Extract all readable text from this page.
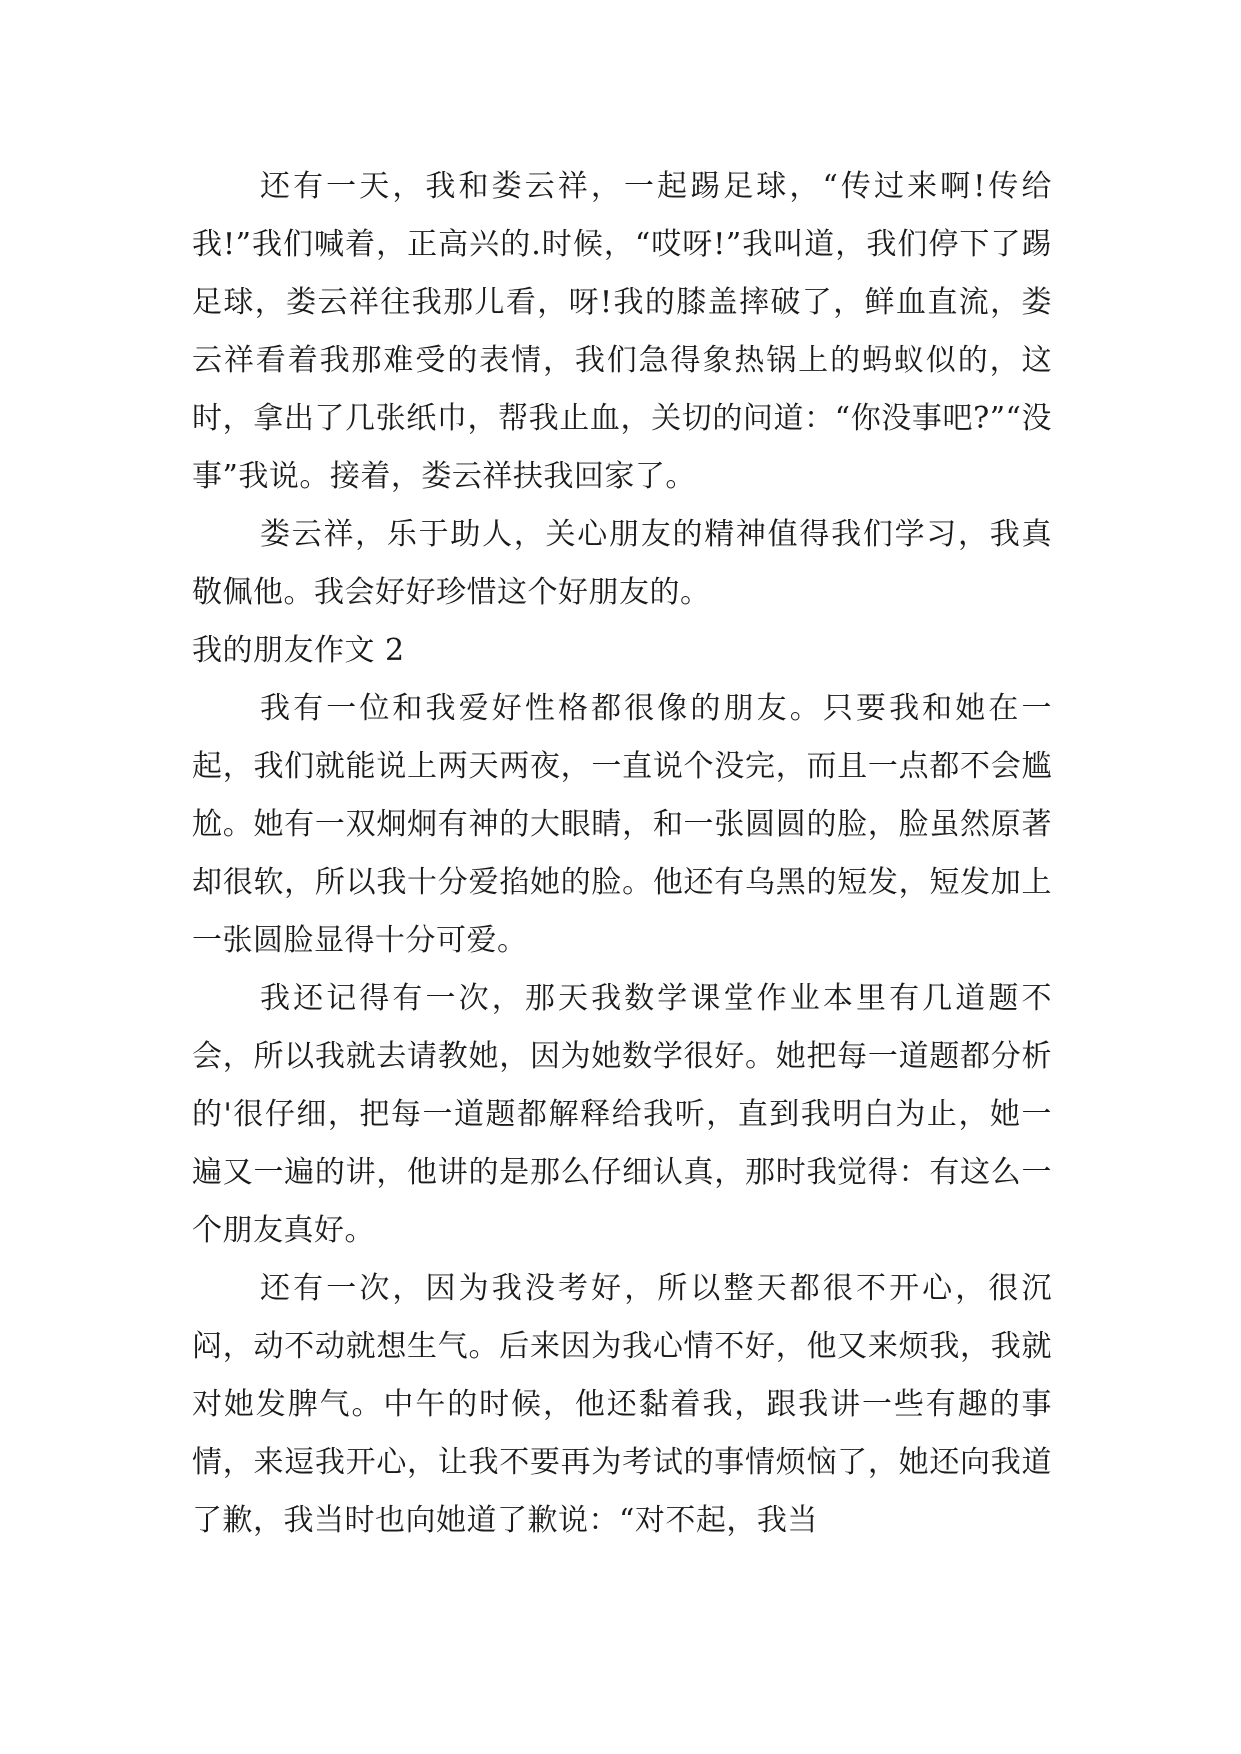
还有一天，我和娄云祥，一起踢足球，“传过来啊!传给我!”我们喊着，正高兴的.时候，“哎呀!”我叫道，我们停下了踢足球，娄云祥往我那儿看，呀!我的膝盖摔破了，鲜血直流，娄云祥看着我那难受的表情，我们急得象热锅上的蚂蚁似的，这时，拿出了几张纸巾，帮我止血，关切的问道：“你没事吧?”“没事”我说。接着，娄云祥扶我回家了。

娄云祥，乐于助人，关心朋友的精神值得我们学习，我真敬佩他。我会好好珍惜这个好朋友的。

我的朋友作文 2

我有一位和我爱好性格都很像的朋友。只要我和她在一起，我们就能说上两天两夜，一直说个没完，而且一点都不会尴尬。她有一双炯炯有神的大眼睛，和一张圆圆的脸，脸虽然原著却很软，所以我十分爱掐她的脸。他还有乌黑的短发，短发加上一张圆脸显得十分可爱。

我还记得有一次，那天我数学课堂作业本里有几道题不会，所以我就去请教她，因为她数学很好。她把每一道题都分析的'很仔细，把每一道题都解释给我听，直到我明白为止，她一遍又一遍的讲，他讲的是那么仔细认真，那时我觉得：有这么一个朋友真好。

还有一次，因为我没考好，所以整天都很不开心，很沉闷，动不动就想生气。后来因为我心情不好，他又来烦我，我就对她发脾气。中午的时候，他还黏着我，跟我讲一些有趣的事情，来逗我开心，让我不要再为考试的事情烦恼了，她还向我道了歉，我当时也向她道了歉说：“对不起，我当
